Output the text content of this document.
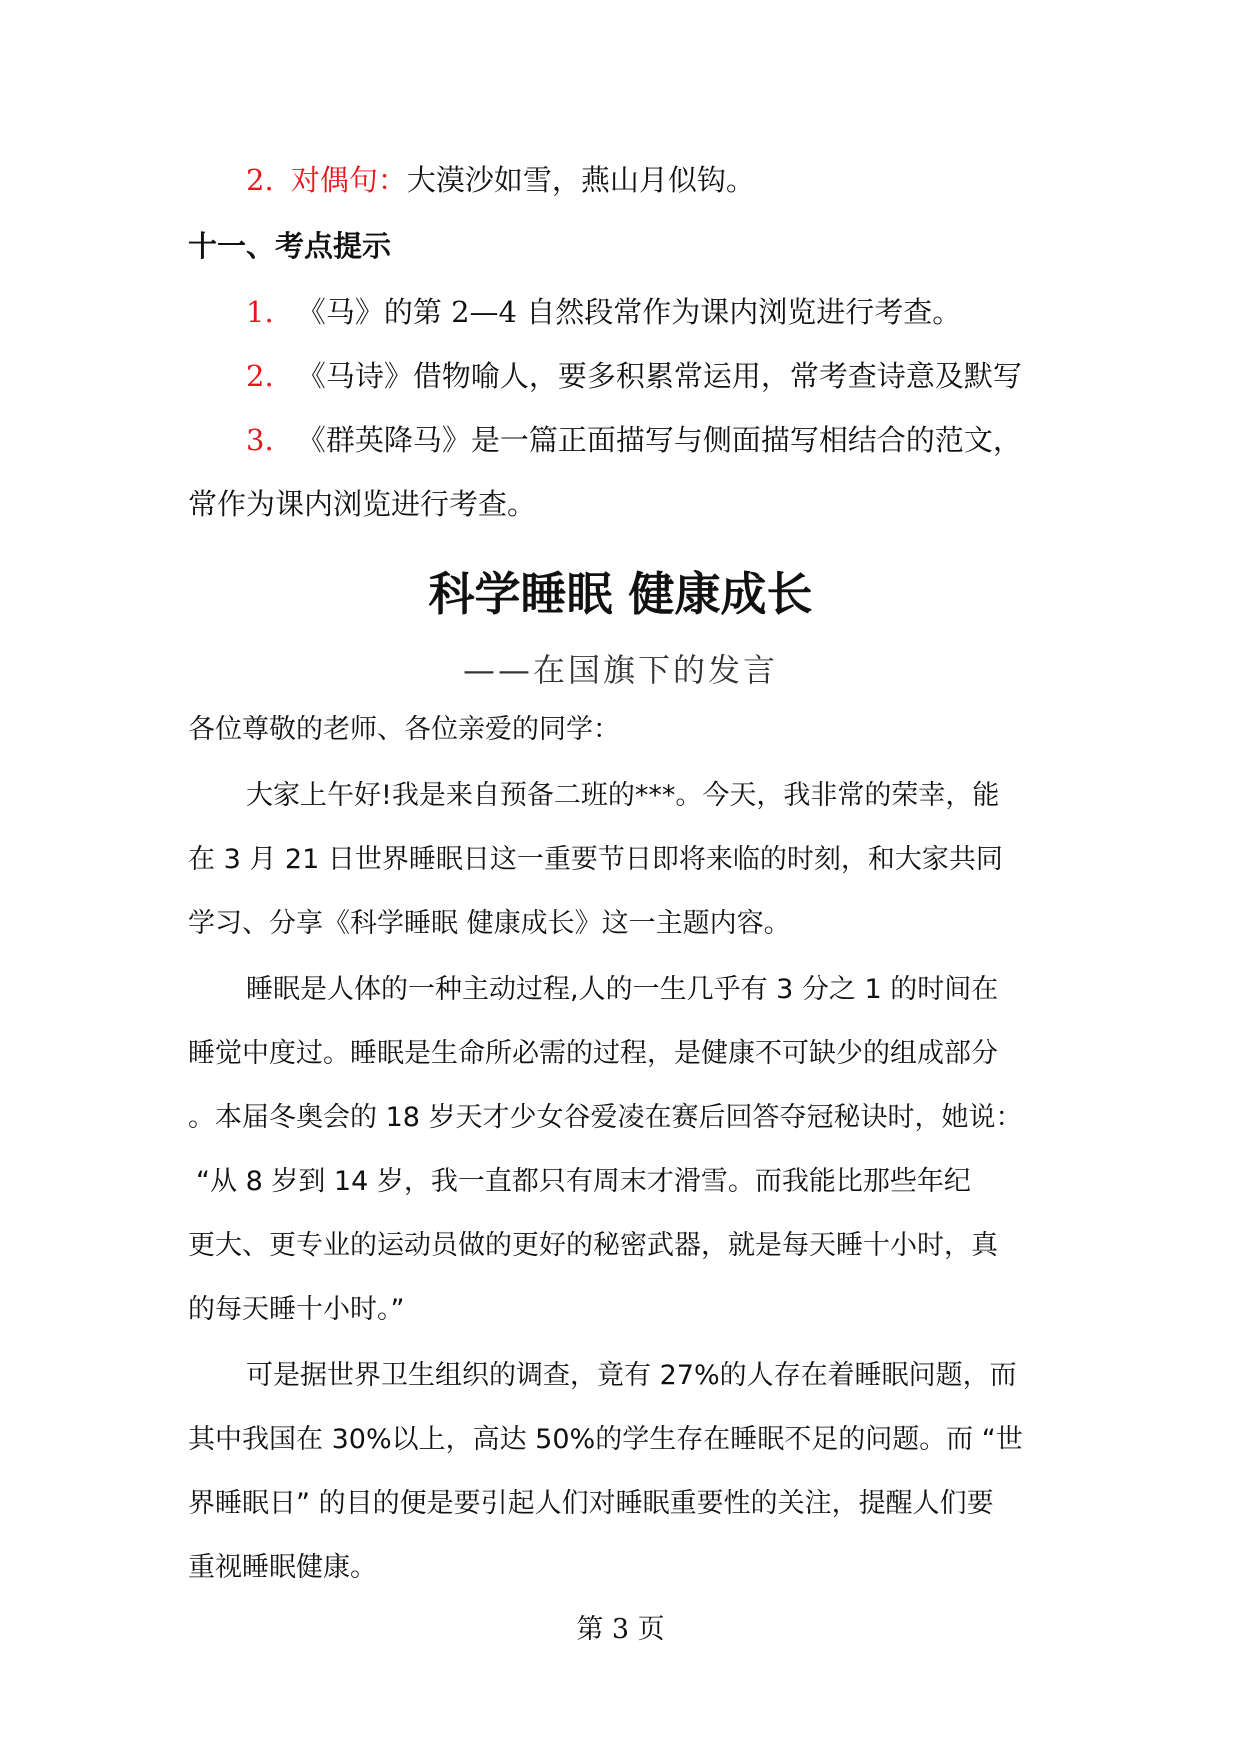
2. 对偶句：大漠沙如雪，燕山月似钩。
十一、考点提示
1. 《马》的第 2—4 自然段常作为课内浏览进行考查。
2. 《马诗》借物喻人，要多积累常运用，常考查诗意及默写
3. 《群英降马》是一篇正面描写与侧面描写相结合的范文，
常作为课内浏览进行考查。
科学睡眠 健康成长
——在国旗下的发言
各位尊敬的老师、各位亲爱的同学：
大家上午好!我是来自预备二班的***。今天，我非常的荣幸，能
在 3 月 21 日世界睡眠日这一重要节日即将来临的时刻，和大家共同
学习、分享《科学睡眠 健康成长》这一主题内容。
睡眠是人体的一种主动过程,人的一生几乎有 3 分之 1 的时间在
睡觉中度过。睡眠是生命所必需的过程，是健康不可缺少的组成部分
。本届冬奥会的 18 岁天才少女谷爱凌在赛后回答夺冠秘诀时，她说：
“从 8 岁到 14 岁，我一直都只有周末才滑雪。而我能比那些年纪
更大、更专业的运动员做的更好的秘密武器，就是每天睡十小时，真
的每天睡十小时。”
可是据世界卫生组织的调查，竟有 27%的人存在着睡眠问题，而
其中我国在 30%以上，高达 50%的学生存在睡眠不足的问题。而 “世
界睡眠日” 的目的便是要引起人们对睡眠重要性的关注，提醒人们要
重视睡眠健康。
第 3 页
